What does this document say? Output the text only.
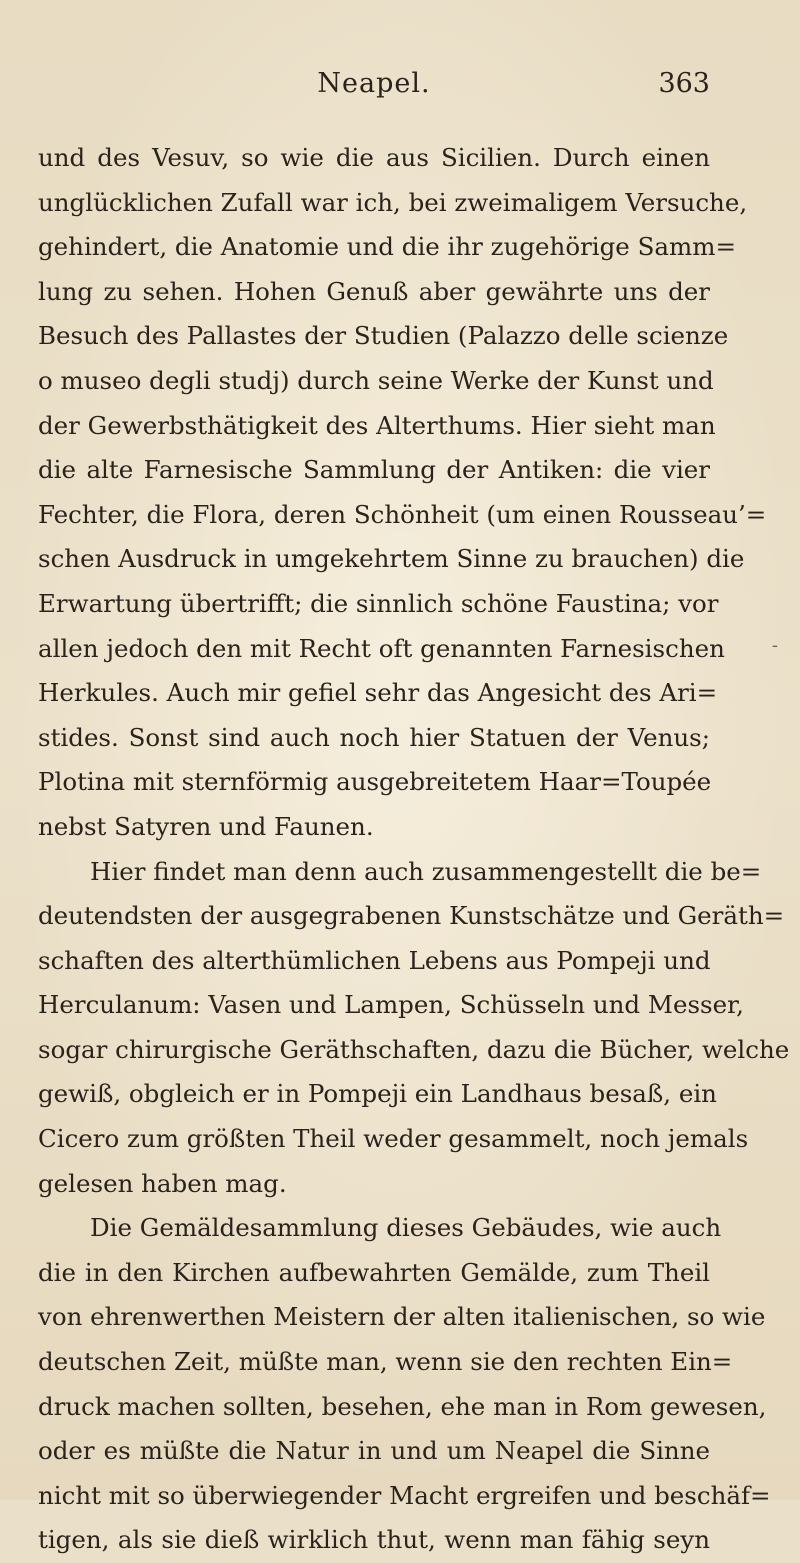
Neapel.	363
und des Vesuv, so wie die aus Sicilien. Durch einen
unglücklichen Zufall war ich, bei zweimaligem Versuche,
gehindert, die Anatomie und die ihr zugehörige Samm=
lung zu sehen. Hohen Genuß aber gewährte uns der
Besuch des Pallastes der Studien (Palazzo delle scienze
o museo degli studj) durch seine Werke der Kunst und
der Gewerbsthätigkeit des Alterthums. Hier sieht man
die alte Farnesische Sammlung der Antiken: die vier
Fechter, die Flora, deren Schönheit (um einen Rousseau’=
schen Ausdruck in umgekehrtem Sinne zu brauchen) die
Erwartung übertrifft; die sinnlich schöne Faustina; vor
allen jedoch den mit Recht oft genannten Farnesischen
Herkules. Auch mir gefiel sehr das Angesicht des Ari=
stides. Sonst sind auch noch hier Statuen der Venus;
Plotina mit sternförmig ausgebreitetem Haar=Toupée
nebst Satyren und Faunen.
Hier findet man denn auch zusammengestellt die be=
deutendsten der ausgegrabenen Kunstschätze und Geräth=
schaften des alterthümlichen Lebens aus Pompeji und
Herculanum: Vasen und Lampen, Schüsseln und Messer,
sogar chirurgische Geräthschaften, dazu die Bücher, welche
gewiß, obgleich er in Pompeji ein Landhaus besaß, ein
Cicero zum größten Theil weder gesammelt, noch jemals
gelesen haben mag.
Die Gemäldesammlung dieses Gebäudes, wie auch
die in den Kirchen aufbewahrten Gemälde, zum Theil
von ehrenwerthen Meistern der alten italienischen, so wie
deutschen Zeit, müßte man, wenn sie den rechten Ein=
druck machen sollten, besehen, ehe man in Rom gewesen,
oder es müßte die Natur in und um Neapel die Sinne
nicht mit so überwiegender Macht ergreifen und beschäf=
tigen, als sie dieß wirklich thut, wenn man fähig seyn
-
